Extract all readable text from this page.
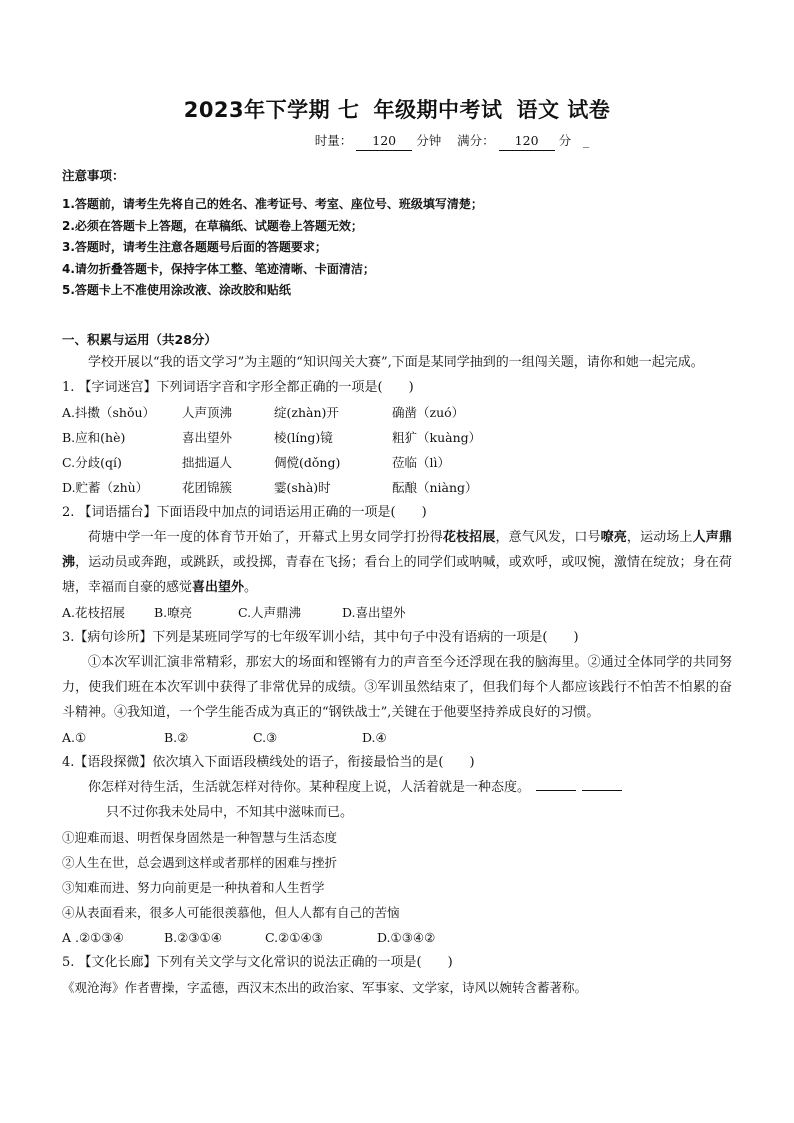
2023年下学期 七 年级期中考试 语文 试卷
时量： 120 分钟 满分： 120 分 _
注意事项：

1.答题前，请考生先将自己的姓名、准考证号、考室、座位号、班级填写清楚；

2.必须在答题卡上答题，在草稿纸、试题卷上答题无效；

3.答题时，请考生注意各题题号后面的答题要求；

4.请勿折叠答题卡，保持字体工整、笔迹清晰、卡面清洁；

5.答题卡上不准使用涂改液、涂改胶和贴纸

一、积累与运用（共28分）

学校开展以“我的语文学习”为主题的“知识闯关大赛”,下面是某同学抽到的一组闯关题，请你和她一起完成。

1. 【字词迷宫】下列词语字音和字形全都正确的一项是(　　)

A.抖擞（shǒu）	人声顶沸	绽(zhàn)开	确凿（zuó）
B.应和(hè)	喜出望外	棱(líng)镜	粗犷（kuàng）
C.分歧(qí)	拙拙逼人	倜傥(dǒng)	莅临（lì）
D.贮蓄（zhù）	花团锦簇	霎(shà)时	酝酿（niàng）

2. 【词语擂台】下面语段中加点的词语运用正确的一项是(　　)

荷塘中学一年一度的体育节开始了，开幕式上男女同学打扮得花枝招展，意气风发，口号嘹亮，运动场上人声鼎沸，运动员或奔跑，或跳跃，或投掷，青春在飞扬；看台上的同学们或呐喊，或欢呼，或叹惋，激情在绽放；身在荷塘，幸福而自豪的感觉喜出望外。

A.花枝招展 B.嘹亮	C.人声鼎沸	D.喜出望外

3.【病句诊所】下列是某班同学写的七年级军训小结，其中句子中没有语病的一项是(　　)

①本次军训汇演非常精彩，那宏大的场面和铿锵有力的声音至今还浮现在我的脑海里。②通过全体同学的共同努力，使我们班在本次军训中获得了非常优异的成绩。③军训虽然结束了，但我们每个人都应该践行不怕苦不怕累的奋斗精神。④我知道，一个学生能否成为真正的“钢铁战士”,关键在于他要坚持养成良好的习惯。

A.①	B.②	C.③	D.④

4.【语段探微】依次填入下面语段横线处的语子，衔接最恰当的是(　　)

你怎样对待生活，生活就怎样对待你。某种程度上说，人活着就是一种态度。

只不过你我未处局中，不知其中滋味而已。

①迎难而退、明哲保身固然是一种智慧与生活态度

②人生在世，总会遇到这样或者那样的困难与挫折

③知难而进、努力向前更是一种执着和人生哲学

④从表面看来，很多人可能很羡慕他，但人人都有自己的苦恼

A .②①③④	B.②③①④	C.②①④③	D.①③④②

5. 【文化长廊】下列有关文学与文化常识的说法正确的一项是(　　)

《观沧海》作者曹操，字孟德，西汉末杰出的政治家、军事家、文学家，诗风以婉转含蓄著称。
